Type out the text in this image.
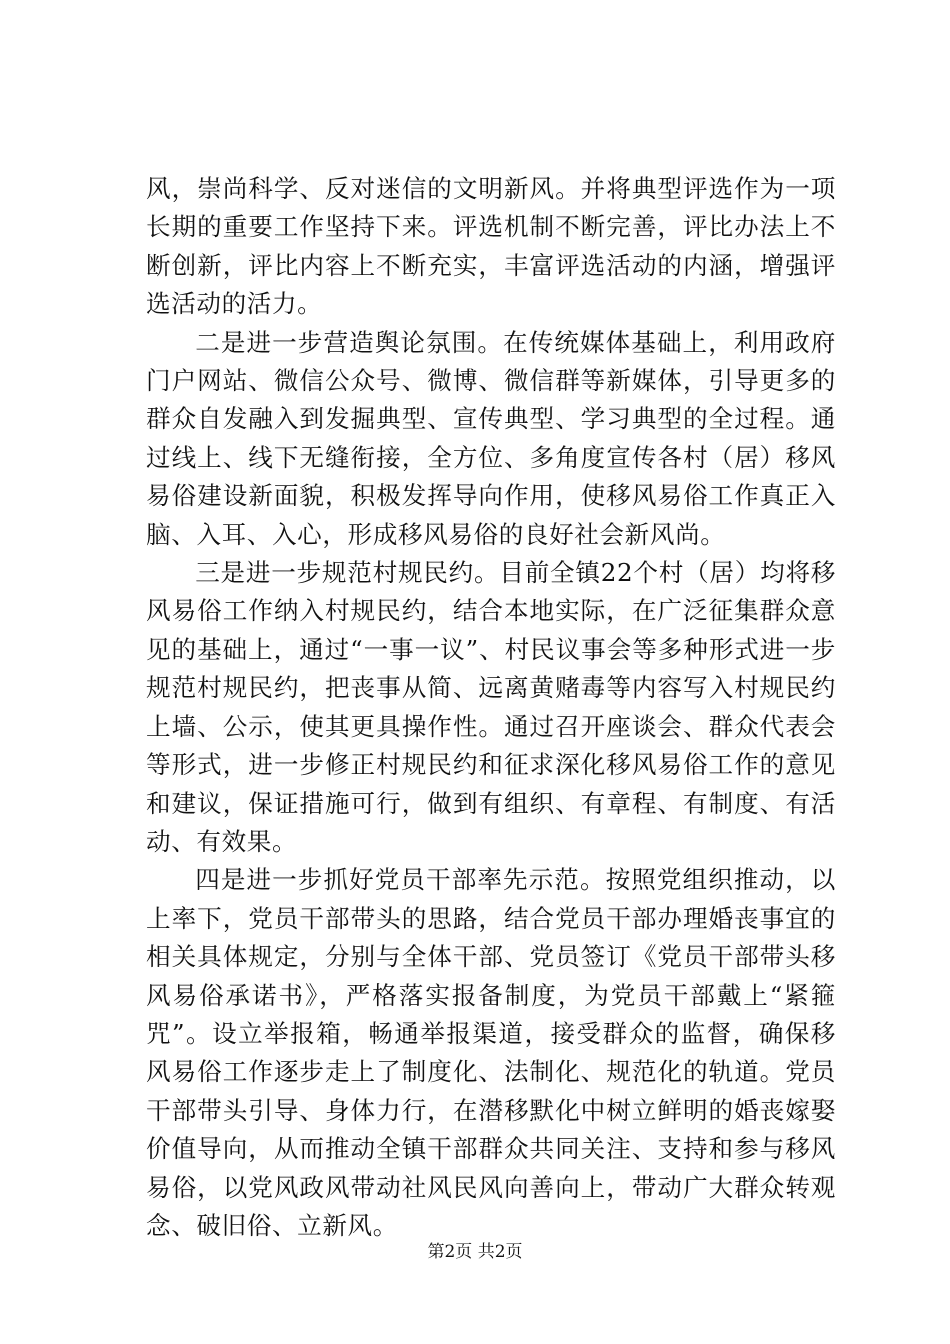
风，崇尚科学、反对迷信的文明新风。并将典型评选作为一项长期的重要工作坚持下来。评选机制不断完善，评比办法上不断创新，评比内容上不断充实，丰富评选活动的内涵，增强评选活动的活力。

二是进一步营造舆论氛围。在传统媒体基础上，利用政府门户网站、微信公众号、微博、微信群等新媒体，引导更多的群众自发融入到发掘典型、宣传典型、学习典型的全过程。通过线上、线下无缝衔接，全方位、多角度宣传各村（居）移风易俗建设新面貌，积极发挥导向作用，使移风易俗工作真正入脑、入耳、入心，形成移风易俗的良好社会新风尚。

三是进一步规范村规民约。目前全镇22个村（居）均将移风易俗工作纳入村规民约，结合本地实际，在广泛征集群众意见的基础上，通过“一事一议”、村民议事会等多种形式进一步规范村规民约，把丧事从简、远离黄赌毒等内容写入村规民约上墙、公示，使其更具操作性。通过召开座谈会、群众代表会等形式，进一步修正村规民约和征求深化移风易俗工作的意见和建议，保证措施可行，做到有组织、有章程、有制度、有活动、有效果。

四是进一步抓好党员干部率先示范。按照党组织推动，以上率下，党员干部带头的思路，结合党员干部办理婚丧事宜的相关具体规定，分别与全体干部、党员签订《党员干部带头移风易俗承诺书》，严格落实报备制度，为党员干部戴上“紧箍咒”。设立举报箱，畅通举报渠道，接受群众的监督，确保移风易俗工作逐步走上了制度化、法制化、规范化的轨道。党员干部带头引导、身体力行，在潜移默化中树立鲜明的婚丧嫁娶价值导向，从而推动全镇干部群众共同关注、支持和参与移风易俗，以党风政风带动社风民风向善向上，带动广大群众转观念、破旧俗、立新风。

第2页 共2页
